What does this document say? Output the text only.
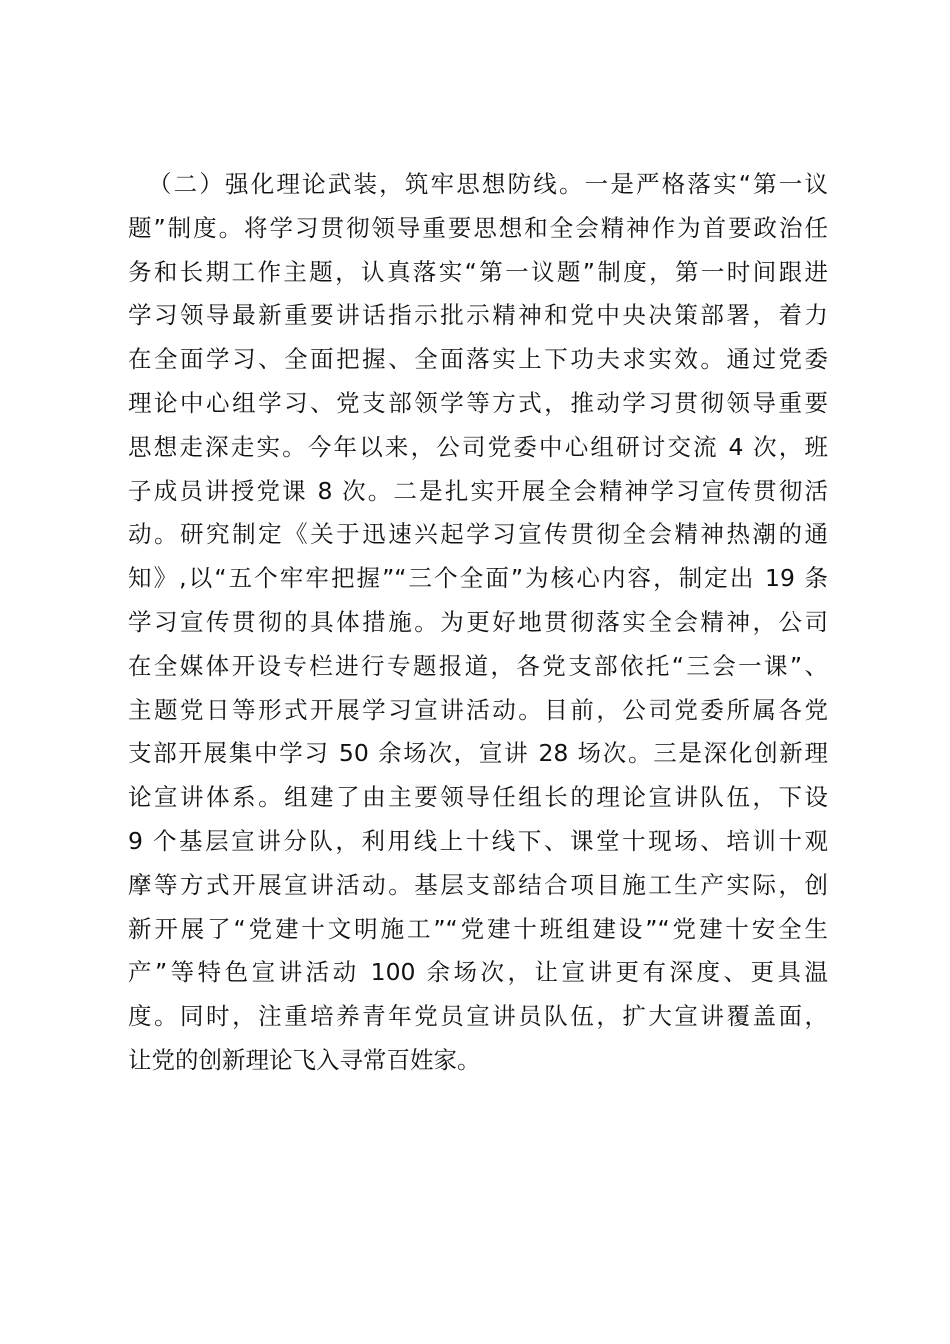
（二）强化理论武装，筑牢思想防线。一是严格落实“第一议
题”制度。将学习贯彻领导重要思想和全会精神作为首要政治任
务和长期工作主题，认真落实“第一议题”制度，第一时间跟进
学习领导最新重要讲话指示批示精神和党中央决策部署，着力
在全面学习、全面把握、全面落实上下功夫求实效。通过党委
理论中心组学习、党支部领学等方式，推动学习贯彻领导重要
思想走深走实。今年以来，公司党委中心组研讨交流 4 次，班
子成员讲授党课 8 次。二是扎实开展全会精神学习宣传贯彻活
动。研究制定《关于迅速兴起学习宣传贯彻全会精神热潮的通
知》,以“五个牢牢把握”“三个全面”为核心内容，制定出 19 条
学习宣传贯彻的具体措施。为更好地贯彻落实全会精神，公司
在全媒体开设专栏进行专题报道，各党支部依托“三会一课”、
主题党日等形式开展学习宣讲活动。目前，公司党委所属各党
支部开展集中学习 50 余场次，宣讲 28 场次。三是深化创新理
论宣讲体系。组建了由主要领导任组长的理论宣讲队伍，下设
9 个基层宣讲分队，利用线上十线下、课堂十现场、培训十观
摩等方式开展宣讲活动。基层支部结合项目施工生产实际，创
新开展了“党建十文明施工”“党建十班组建设”“党建十安全生
产”等特色宣讲活动 100 余场次，让宣讲更有深度、更具温
度。同时，注重培养青年党员宣讲员队伍，扩大宣讲覆盖面，
让党的创新理论飞入寻常百姓家。
